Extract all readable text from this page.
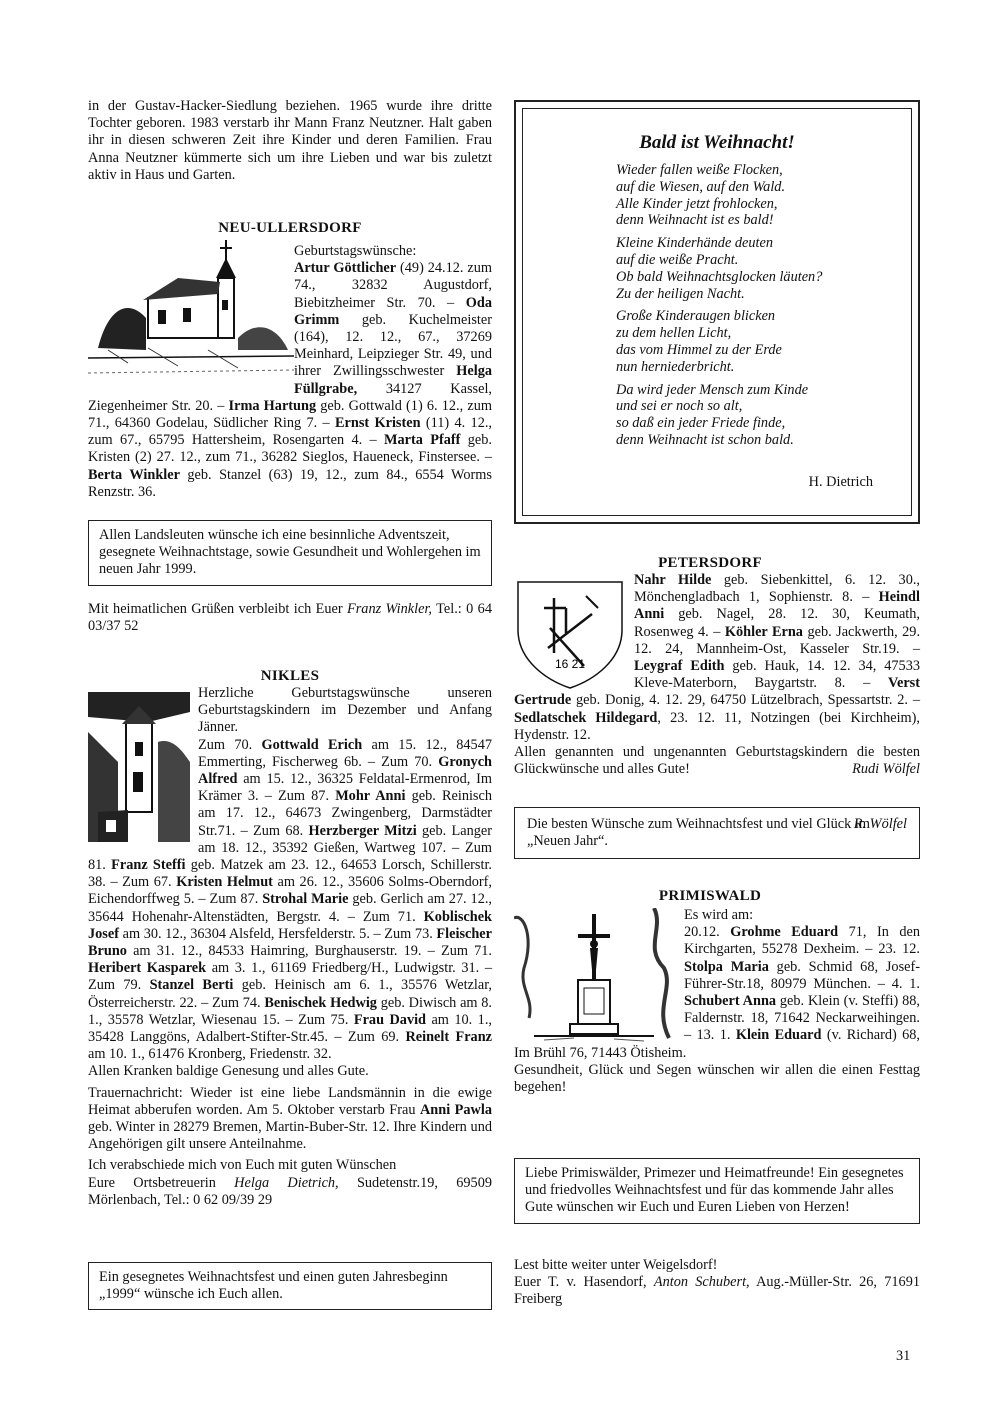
in der Gustav-Hacker-Siedlung beziehen. 1965 wurde ihre dritte Tochter geboren. 1983 verstarb ihr Mann Franz Neutzner. Halt gaben ihr in diesen schweren Zeit ihre Kinder und deren Familien. Frau Anna Neutzner kümmerte sich um ihre Lieben und war bis zuletzt aktiv in Haus und Garten.
NEU-ULLERSDORF
Geburtstagswünsche:
Artur Göttlicher (49) 24.12. zum 74., 32832 Augustdorf, Biebitzheimer Str. 70. – Oda Grimm geb. Kuchelmeister (164), 12. 12., 67., 37269 Meinhard, Leipzieger Str. 49, und ihrer Zwillingsschwester Helga Füllgrabe, 34127 Kassel, Ziegenheimer Str. 20. – Irma Hartung geb. Gottwald (1) 6. 12., zum 71., 64360 Godelau, Südlicher Ring 7. – Ernst Kristen (11) 4. 12., zum 67., 65795 Hattersheim, Rosengarten 4. – Marta Pfaff geb. Kristen (2) 27. 12., zum 71., 36282 Sieglos, Haueneck, Finstersee. – Berta Winkler geb. Stanzel (63) 19, 12., zum 84., 6554 Worms Renzstr. 36.
Allen Landsleuten wünsche ich eine besinnliche Adventszeit, gesegnete Weihnachtstage, sowie Gesundheit und Wohlergehen im neuen Jahr 1999.
Mit heimatlichen Grüßen verbleibt ich Euer Franz Winkler, Tel.: 0 64 03/37 52
NIKLES
Herzliche Geburtstagswünsche unseren Geburtstagskindern im Dezember und Anfang Jänner.
Zum 70. Gottwald Erich am 15. 12., 84547 Emmerting, Fischerweg 6b. – Zum 70. Gronych Alfred am 15. 12., 36325 Feldatal-Ermenrod, Im Krämer 3. – Zum 87. Mohr Anni geb. Reinisch am 17. 12., 64673 Zwingenberg, Darmstädter Str.71. – Zum 68. Herzberger Mitzi geb. Langer am 18. 12., 35392 Gießen, Wartweg 107. – Zum 81. Franz Steffi geb. Matzek am 23. 12., 64653 Lorsch, Schillerstr. 38. – Zum 67. Kristen Helmut am 26. 12., 35606 Solms-Oberndorf, Eichendorffweg 5. – Zum 87. Strohal Marie geb. Gerlich am 27. 12., 35644 Hohenahr-Altenstädten, Bergstr. 4. – Zum 71. Koblischek Josef am 30. 12., 36304 Alsfeld, Hersfelderstr. 5. – Zum 73. Fleischer Bruno am 31. 12., 84533 Haimring, Burghauserstr. 19. – Zum 71. Heribert Kasparek am 3. 1., 61169 Friedberg/H., Ludwigstr. 31. – Zum 79. Stanzel Berti geb. Heinisch am 6. 1., 35576 Wetzlar, Österreicherstr. 22. – Zum 74. Benischek Hedwig geb. Diwisch am 8. 1., 35578 Wetzlar, Wiesenau 15. – Zum 75. Frau David am 10. 1., 35428 Langgöns, Adalbert-Stifter-Str.45. – Zum 69. Reinelt Franz am 10. 1., 61476 Kronberg, Friedenstr. 32.
Allen Kranken baldige Genesung und alles Gute.
Trauernachricht: Wieder ist eine liebe Landsmännin in die ewige Heimat abberufen worden. Am 5. Oktober verstarb Frau Anni Pawla geb. Winter in 28279 Bremen, Martin-Buber-Str. 12. Ihre Kindern und Angehörigen gilt unsere Anteilnahme.
Ich verabschiede mich von Euch mit guten Wünschen
Eure Ortsbetreuerin Helga Dietrich, Sudetenstr.19, 69509 Mörlenbach, Tel.: 0 62 09/39 29
Ein gesegnetes Weihnachtsfest und einen guten Jahresbeginn „1999“ wünsche ich Euch allen.
Bald ist Weihnacht!
Wieder fallen weiße Flocken,
auf die Wiesen, auf den Wald.
Alle Kinder jetzt frohlocken,
denn Weihnacht ist es bald!
Kleine Kinderhände deuten
auf die weiße Pracht.
Ob bald Weihnachtsglocken läuten?
Zu der heiligen Nacht.
Große Kinderaugen blicken
zu dem hellen Licht,
das vom Himmel zu der Erde
nun herniederbricht.
Da wird jeder Mensch zum Kinde
und sei er noch so alt,
so daß ein jeder Friede finde,
denn Weihnacht ist schon bald.
H. Dietrich
PETERSDORF
16 21
Nahr Hilde geb. Siebenkittel, 6. 12. 30., Mönchengladbach 1, Sophienstr. 8. – Heindl Anni geb. Nagel, 28. 12. 30, Keumath, Rosenweg 4. – Köhler Erna geb. Jackwerth, 29. 12. 24, Mannheim-Ost, Kasseler Str.19. – Leygraf Edith geb. Hauk, 14. 12. 34, 47533 Kleve-Materborn, Baygartstr. 8. – Verst Gertrude geb. Donig, 4. 12. 29, 64750 Lützelbrach, Spessartstr. 2. – Sedlatschek Hildegard, 23. 12. 11, Notzingen (bei Kirchheim), Hydenstr. 12.
Allen genannten und ungenannten Geburtstagskindern die besten Glückwünsche und alles Gute!	Rudi Wölfel
Die besten Wünsche zum Weihnachtsfest und viel Glück im „Neuen Jahr“.
R. Wölfel
PRIMISWALD
Es wird am:
20.12. Grohme Eduard 71, In den Kirchgarten, 55278 Dexheim. – 23. 12. Stolpa Maria geb. Schmid 68, Josef-Führer-Str.18, 80979 München. – 4. 1. Schubert Anna geb. Klein (v. Steffi) 88, Faldernstr. 18, 71642 Neckarweihingen. – 13. 1. Klein Eduard (v. Richard) 68, Im Brühl 76, 71443 Ötisheim.
Gesundheit, Glück und Segen wünschen wir allen die einen Festtag begehen!
Liebe Primiswälder, Primezer und Heimatfreunde! Ein gesegnetes und friedvolles Weihnachtsfest und für das kommende Jahr alles Gute wünschen wir Euch und Euren Lieben von Herzen!
Lest bitte weiter unter Weigelsdorf!
Euer T. v. Hasendorf, Anton Schubert, Aug.-Müller-Str. 26, 71691 Freiberg
31
